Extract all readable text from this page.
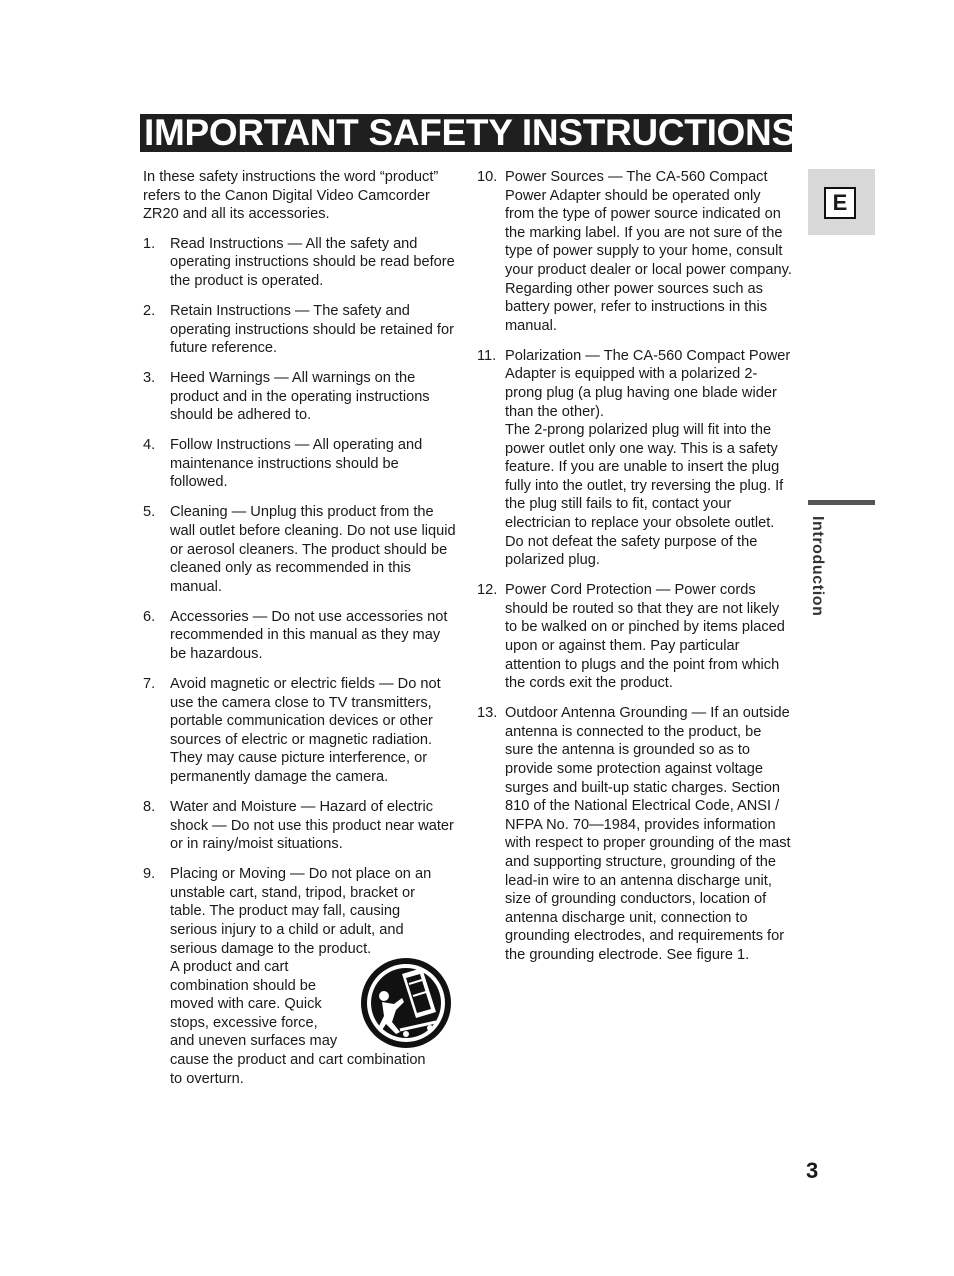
IMPORTANT SAFETY INSTRUCTIONS

In these safety instructions the word “product” refers to the Canon Digital Video Camcorder ZR20 and all its accessories.

1. Read Instructions — All the safety and operating instructions should be read before the product is operated.

2. Retain Instructions — The safety and operating instructions should be retained for future reference.

3. Heed Warnings — All warnings on the product and in the operating instructions should be adhered to.

4. Follow Instructions — All operating and maintenance instructions should be followed.

5. Cleaning — Unplug this product from the wall outlet before cleaning. Do not use liquid or aerosol cleaners. The product should be cleaned only as recommended in this manual.

6. Accessories — Do not use accessories not recommended in this manual as they may be hazardous.

7. Avoid magnetic or electric fields — Do not use the camera close to TV transmitters, portable communication devices or other sources of electric or magnetic radiation. They may cause picture interference, or permanently damage the camera.

8. Water and Moisture — Hazard of electric shock — Do not use this product near water or in rainy/moist situations.

9. Placing or Moving — Do not place on an unstable cart, stand, tripod, bracket or table. The product may fall, causing serious injury to a child or adult, and serious damage to the product.

A product and cart

combination should be

moved with care. Quick

stops, excessive force,

and uneven surfaces may

cause the product and cart combination

to overturn.

10. Power Sources — The CA-560 Compact Power Adapter should be operated only from the type of power source indicated on the marking label. If you are not sure of the type of power supply to your home, consult your product dealer or local power company. Regarding other power sources such as battery power, refer to instructions in this manual.

11. Polarization — The CA-560 Compact Power Adapter is equipped with a polarized 2-prong plug (a plug having one blade wider than the other).

The 2-prong polarized plug will fit into the power outlet only one way. This is a safety feature. If you are unable to insert the plug fully into the outlet, try reversing the plug. If the plug still fails to fit, contact your electrician to replace your obsolete outlet. Do not defeat the safety purpose of the polarized plug.

12. Power Cord Protection — Power cords should be routed so that they are not likely to be walked on or pinched by items placed upon or against them. Pay particular attention to plugs and the point from which the cords exit the product.

13. Outdoor Antenna Grounding — If an outside antenna is connected to the product, be sure the antenna is grounded so as to provide some protection against voltage surges and built-up static charges. Section 810 of the National Electrical Code, ANSI / NFPA No. 70—1984, provides information with respect to proper grounding of the mast and supporting structure, grounding of the lead-in wire to an antenna discharge unit, size of grounding conductors, location of antenna discharge unit, connection to grounding electrodes, and requirements for the grounding electrode. See figure 1.

E
Introduction
3
